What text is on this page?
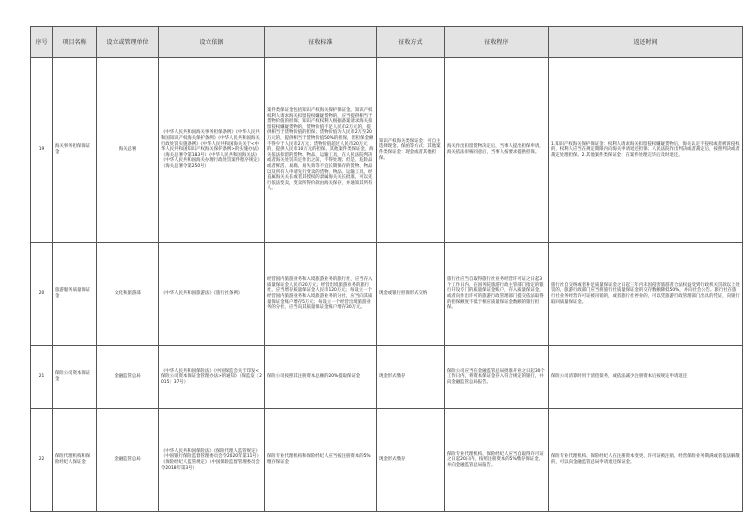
序号	项目名称	设立或管理单位	设立依据	征收标准	征收方式	征收程序	返还时间
19	海关事务担保保证金	海关总署	《中华人民共和国海关事务担保条例》《中华人民共和国知识产权海关保护条例》《中华人民共和国海关行政处罚实施条例》《中华人民共和国海关关于<中华人民共和国知识产权海关保护条例>的实施办法》（海关总署令第183号）《中华人民共和国海关法》《中华人民共和国海关办理行政处罚案件程序规定》（海关总署令第250号）	案件类保证金包括知识产权海关保护保证金。知识产权权利人请求海关扣留侵权嫌疑货物的，应当提供相当于货物价值的担保；知识产权权利人根据备案请求海关扣留侵权嫌疑货物的，货物价值不足人民币2万元的，提供相当于货物价值的担保；货物价值为人民币2万至20万元的，提供相当于货物价值50%的担保，但担保金额不得少于人民币2万元；货物价值超过人民币20万元的，提供人民币10万元的担保。其他案件类保证金，海关依法扣留的货物、物品、运输工具，在人民法院判决或者海关处罚决定作出之前，不得处理；但是，危险品或者鲜活、易腐、易失效等不宜长期保存的货物、物品以及所有人申请先行变卖的货物、物品、运输工具，经直属海关关长或者其授权的隶属海关关长批准，可以先行依法变卖，变卖所得价款由海关保存，并通知其所有人。	知识产权海关类保证金：可自主选择现金、保函等方式；其他案件类保证金：现金或者其他担保。	海关作出扣留货物决定后，当事人提出担保申请，海关依法审核同意后，当事人按要求提供担保。	1.知识产权海关保护保证金：权利人请求海关扣留侵权嫌疑货物后，海关认定不侵权或者被诉侵权的，权利人应当在规定期限内向海关申请退还担保；人民法院作出判决或者裁定后，按照判决或者裁定处理担保。2.其他案件类保证金：在案件处理完毕后及时退还。
20	旅游服务质量保证金	文化和旅游部	《中华人民共和国旅游法》《旅行社条例》	经营国内旅游业务和入境旅游业务的旅行社，应当存入质量保证金人民币20万元；经营出境旅游业务的旅行社，应当增存质量保证金人民币120万元；每设立一个经营国内旅游业务和入境旅游业务的分社，应当向其质量保证金账户增存5万元；每设立一个经营出境旅游业务的分社，应当向其质量保证金账户增存30万元。	现金或银行担保形式交纳	旅行社应当自取得旅行社业务经营许可证之日起3个工作日内，在国务院旅游行政主管部门指定的银行开设专门的质量保证金账户，存入质量保证金，或者向作出许可的旅游行政管理部门提交依法取得的担保额度不低于相应质量保证金数额的银行担保。	旅行社自交纳或者补足质量保证金之日起三年内未因侵害旅游者合法权益受到行政机关罚款以上处罚的，旅游行政部门应当将旅行社质量保证金的交存数额降低50%，并向社会公告。旅行社在旅行社业务经营许可证被吊销的，或者旅行社停业的，可以凭旅游行政管理部门出具的凭证，向银行取回质量保证金。
21	保险公司资本保证金	金融监管总局	《中华人民共和国保险法》《中国保监会关于印发<保险公司资本保证金管理办法>的通知》（保监发〔2015〕37号）	保险公司按照其注册资本总额的20%提取保证金	现金形式缴存	保险公司应当在金融监管总局批准开业之日起30个工作日内，将资本保证金存入符合规定的银行，并向金融监管总局报告。	保险公司清算时用于清偿债务，或依法减少注册资本后按规定申请返还
22	保险代理机构和保险经纪人保证金	金融监管总局	《中华人民共和国保险法》《保险代理人监管规定》（中国银行保险监督管理委员会令2020年第11号）《保险经纪人监管规定》（中国保险监督管理委员会令2018年第3号）	保险专业代理机构和保险经纪人应当按注册资本的5%缴存保证金	现金形式缴存	保险专业代理机构、保险经纪人应当自取得许可证之日起20日内，按照注册资本的5%缴存保证金，并向金融监管总局报告。	保险专业代理机构、保险经纪人在注册资本变更、许可证被注销、经营保险业务期满或者依法解散的，可以向金融监管总局申请退还保证金。
